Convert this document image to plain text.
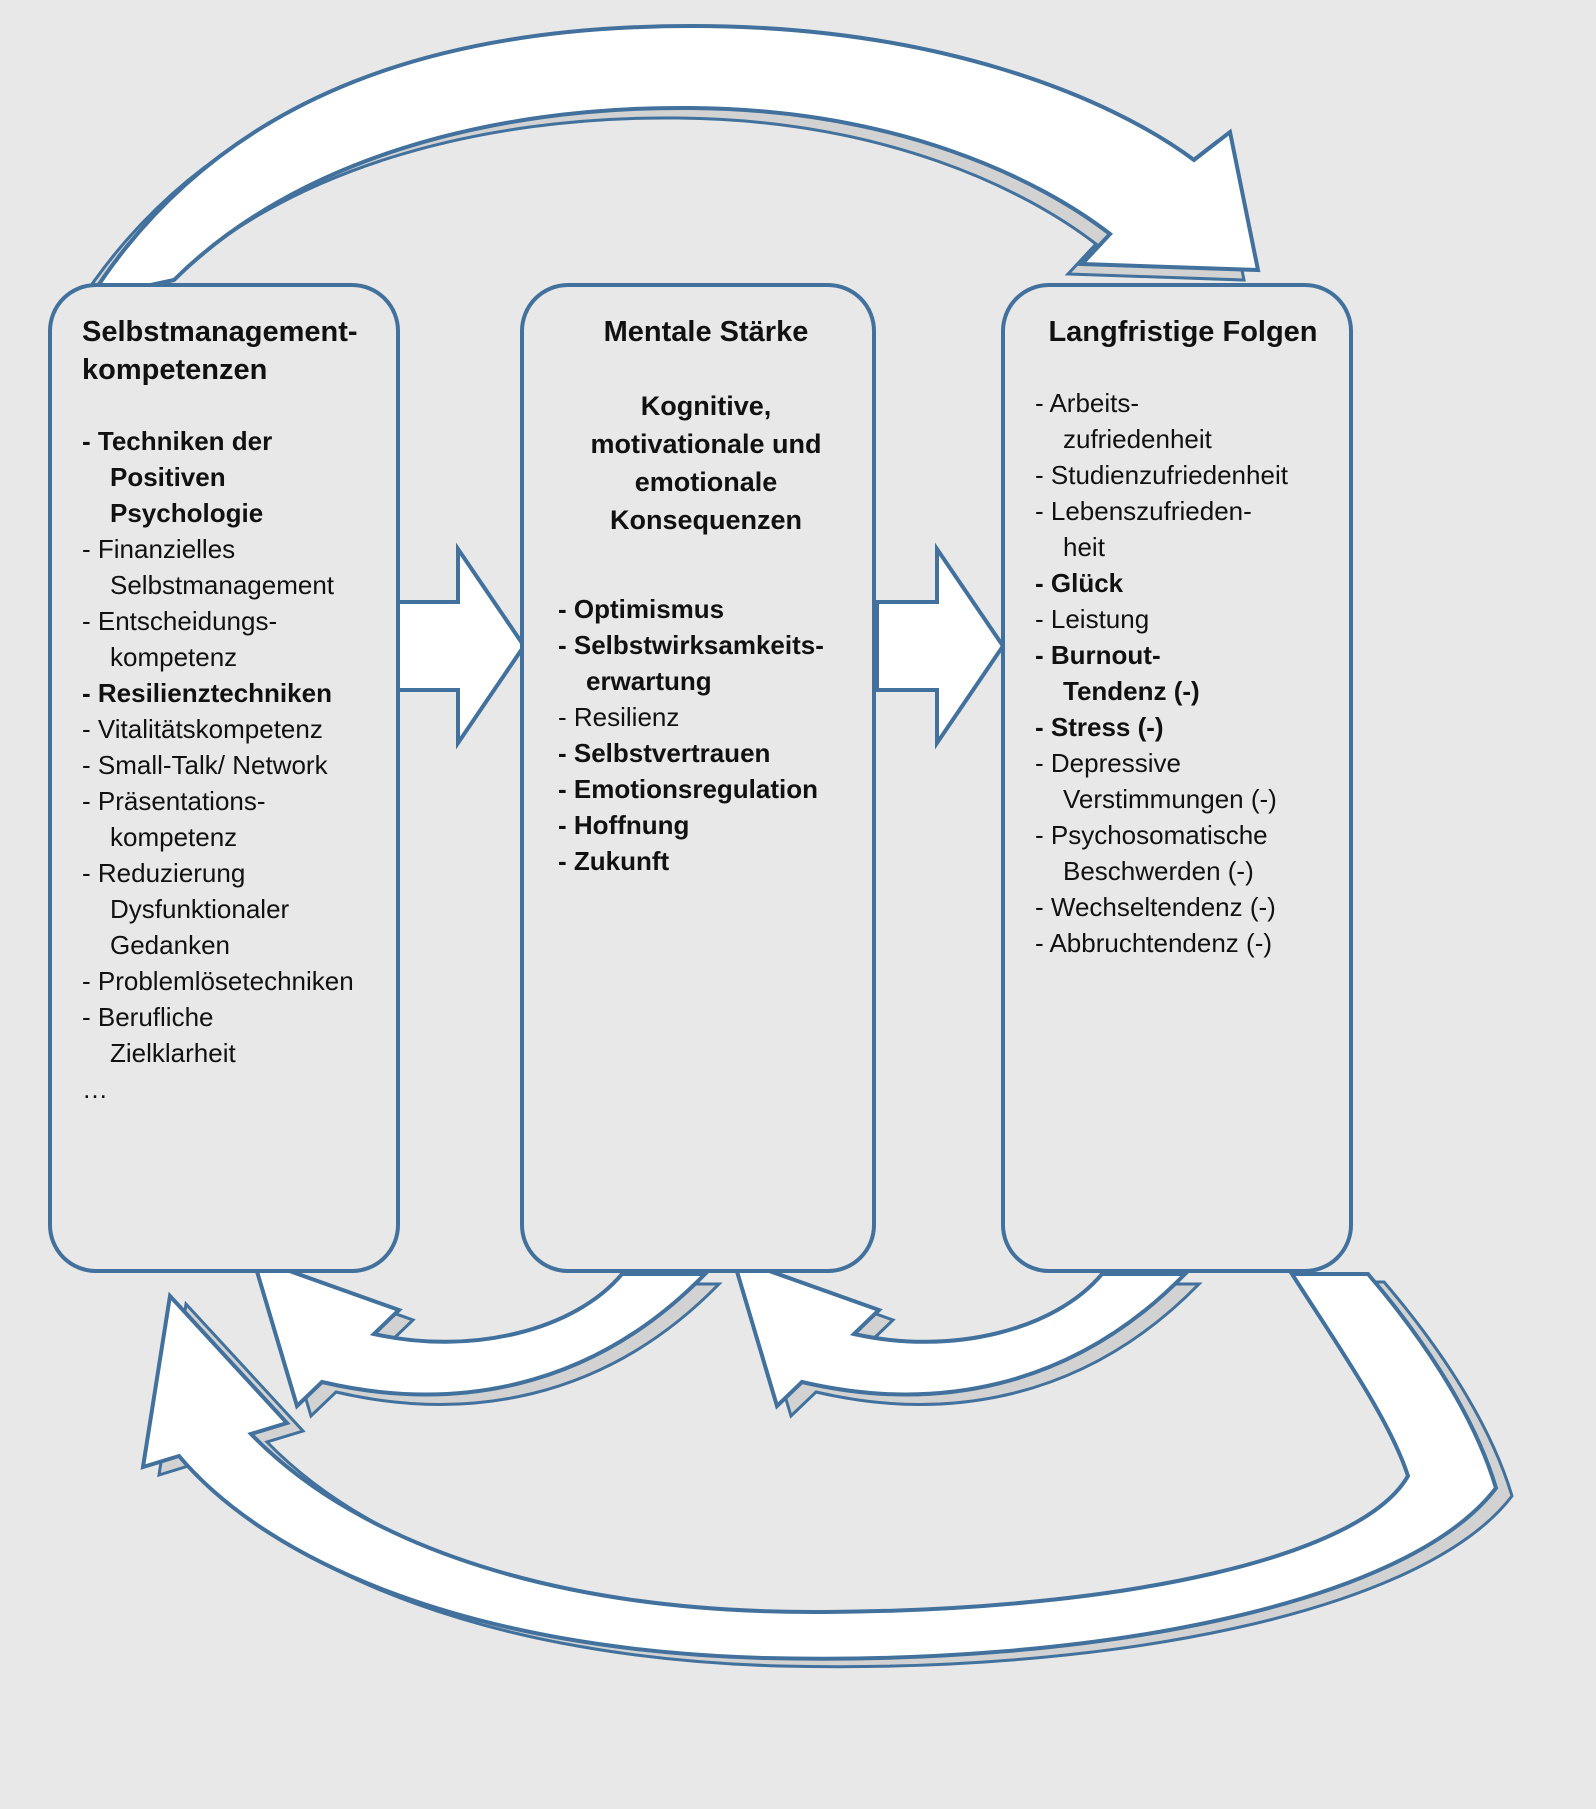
Selbstmanagement-
kompetenzen
- Techniken der
Positiven
Psychologie
- Finanzielles
Selbstmanagement
- Entscheidungs-
kompetenz
- Resilienztechniken
- Vitalitätskompetenz
- Small-Talk/ Network
- Präsentations-
kompetenz
- Reduzierung
Dysfunktionaler
Gedanken
- Problemlösetechniken
- Berufliche
Zielklarheit
…
Mentale Stärke
Kognitive,
motivationale und
emotionale
Konsequenzen
- Optimismus
- Selbstwirksamkeits-
erwartung
- Resilienz
- Selbstvertrauen
- Emotionsregulation
- Hoffnung
- Zukunft
Langfristige Folgen
- Arbeits-
zufriedenheit
- Studienzufriedenheit
- Lebenszufrieden-
heit
- Glück
- Leistung
- Burnout-
Tendenz (-)
- Stress (-)
- Depressive
Verstimmungen (-)
- Psychosomatische
Beschwerden (-)
- Wechseltendenz (-)
- Abbruchtendenz (-)
